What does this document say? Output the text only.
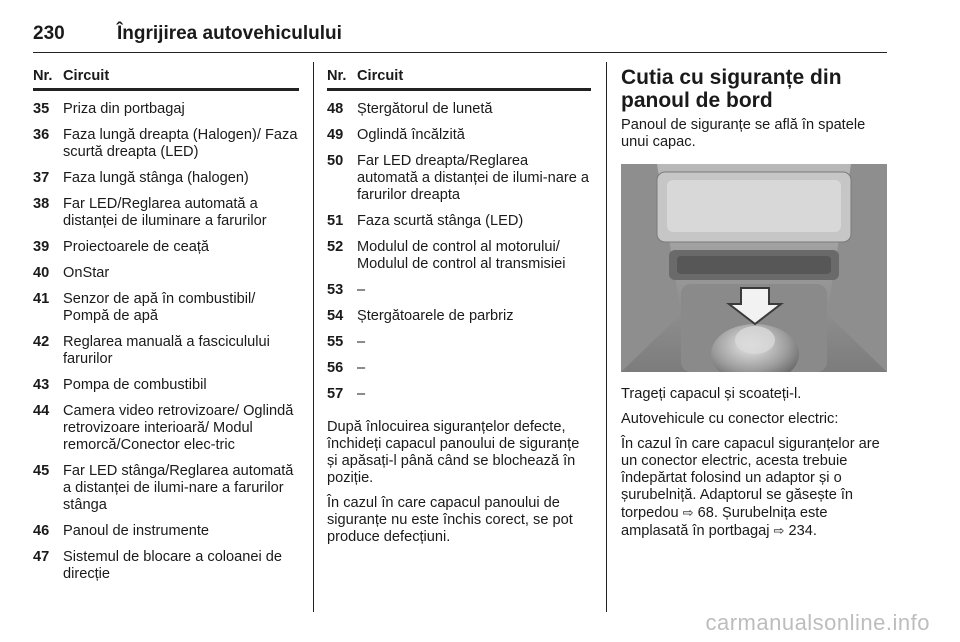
230	Îngrijirea autovehiculului
Nr. Circuit
35 Priza din portbagaj
36 Faza lungă dreapta (Halogen)/ Faza scurtă dreapta (LED)
37 Faza lungă stânga (halogen)
38 Far LED/Reglarea automată a distanței de iluminare a farurilor
39 Proiectoarele de ceață
40 OnStar
41 Senzor de apă în combustibil/ Pompă de apă
42 Reglarea manuală a fasciculului farurilor
43 Pompa de combustibil
44 Camera video retrovizoare/ Oglindă retrovizoare interioară/ Modul remorcă/Conector elec-tric
45 Far LED stânga/Reglarea automată a distanței de ilumi-nare a farurilor stânga
46 Panoul de instrumente
47 Sistemul de blocare a coloanei de direcție
Nr. Circuit
48 Ștergătorul de lunetă
49 Oglindă încălzită
50 Far LED dreapta/Reglarea automată a distanței de ilumi-nare a farurilor dreapta
51 Faza scurtă stânga (LED)
52 Modulul de control al motorului/ Modulul de control al transmisiei
53 –
54 Ștergătoarele de parbriz
55 –
56 –
57 –

După înlocuirea siguranțelor defecte, închideți capacul panoului de siguranțe și apăsați-l până când se blochează în poziție.

În cazul în care capacul panoului de siguranțe nu este închis corect, se pot produce defecțiuni.

Cutia cu siguranțe din panoul de bord

Panoul de siguranțe se află în spatele unui capac.

Trageți capacul și scoateți-l.

Autovehicule cu conector electric:

În cazul în care capacul siguranțelor are un conector electric, acesta trebuie îndepărtat folosind un adaptor și o șurubelniță. Adaptorul se găsește în torpedou ⇨ 68. Șurubelnița este amplasată în portbagaj ⇨ 234.

carmanualsonline.info
